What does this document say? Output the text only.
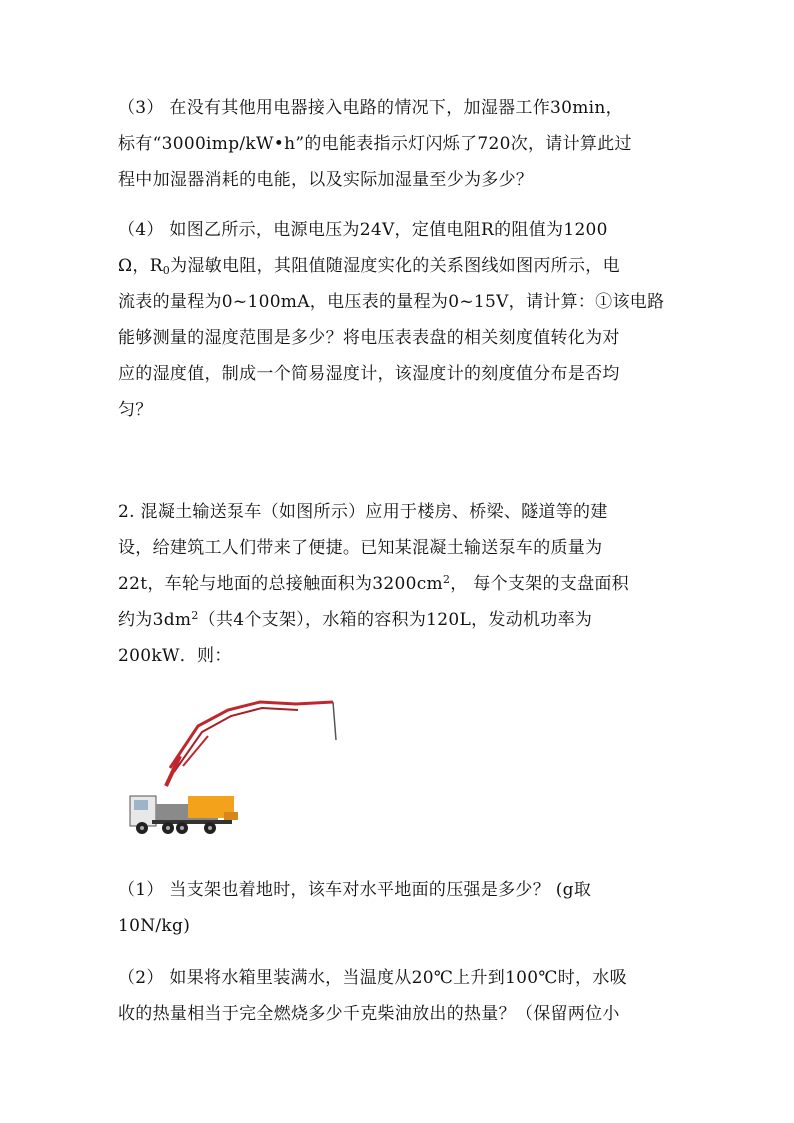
（3） 在没有其他用电器接入电路的情况下，加湿器工作30min，
标有“3000imp/kW•h”的电能表指示灯闪烁了720次，请计算此过
程中加湿器消耗的电能，以及实际加湿量至少为多少？
（4） 如图乙所示，电源电压为24V，定值电阻R的阻值为1200
Ω，$R_0$为湿敏电阻，其阻值随湿度实化的关系图线如图丙所示，电
流表的量程为0~100mA，电压表的量程为0~15V，请计算：①该电路
能够测量的湿度范围是多少？将电压表表盘的相关刻度值转化为对
应的湿度值，制成一个简易湿度计，该湿度计的刻度值分布是否均
匀？
2. 混凝土输送泵车（如图所示）应用于楼房、桥梁、隧道等的建
设，给建筑工人们带来了便捷。已知某混凝土输送泵车的质量为
22t，车轮与地面的总接触面积为$3200cm^2$， 每个支架的支盘面积
约为$3dm^2$（共4个支架），水箱的容积为120L，发动机功率为
200kW．则：
（1） 当支架也着地时，该车对水平地面的压强是多少？ (g取
10N/kg)
（2） 如果将水箱里装满水，当温度从20℃上升到100℃时，水吸
收的热量相当于完全燃烧多少千克柴油放出的热量？（保留两位小
